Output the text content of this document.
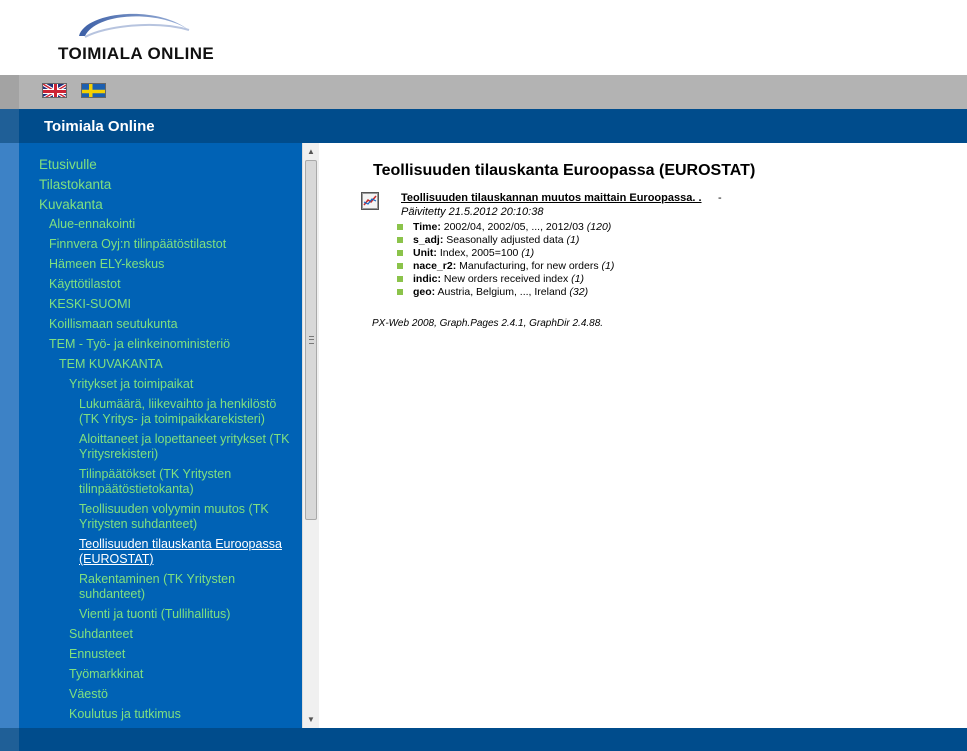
TOIMIALA ONLINE
Toimiala Online
Etusivulle
Tilastokanta
Kuvakanta
Alue-ennakointi
Finnvera Oyj:n tilinpäätöstilastot
Hämeen ELY-keskus
Käyttötilastot
KESKI-SUOMI
Koillismaan seutukunta
TEM - Työ- ja elinkeinoministeriö
TEM KUVAKANTA
Yritykset ja toimipaikat
Lukumäärä, liikevaihto ja henkilöstö (TK Yritys- ja toimipaikkarekisteri)
Aloittaneet ja lopettaneet yritykset (TK Yritysrekisteri)
Tilinpäätökset (TK Yritysten tilinpäätöstietokanta)
Teollisuuden volyymin muutos (TK Yritysten suhdanteet)
Teollisuuden tilauskanta Euroopassa (EUROSTAT)
Rakentaminen (TK Yritysten suhdanteet)
Vienti ja tuonti (Tullihallitus)
Suhdanteet
Ennusteet
Työmarkkinat
Väestö
Koulutus ja tutkimus
▲
▼
Teollisuuden tilauskanta Euroopassa (EUROSTAT)
Teollisuuden tilauskannan muutos maittain Euroopassa. . -
Päivitetty 21.5.2012 20:10:38
Time: 2002/04, 2002/05, ..., 2012/03 (120)
s_adj: Seasonally adjusted data (1)
Unit: Index, 2005=100 (1)
nace_r2: Manufacturing, for new orders (1)
indic: New orders received index (1)
geo: Austria, Belgium, ..., Ireland (32)
PX-Web 2008, Graph.Pages 2.4.1, GraphDir 2.4.88.
